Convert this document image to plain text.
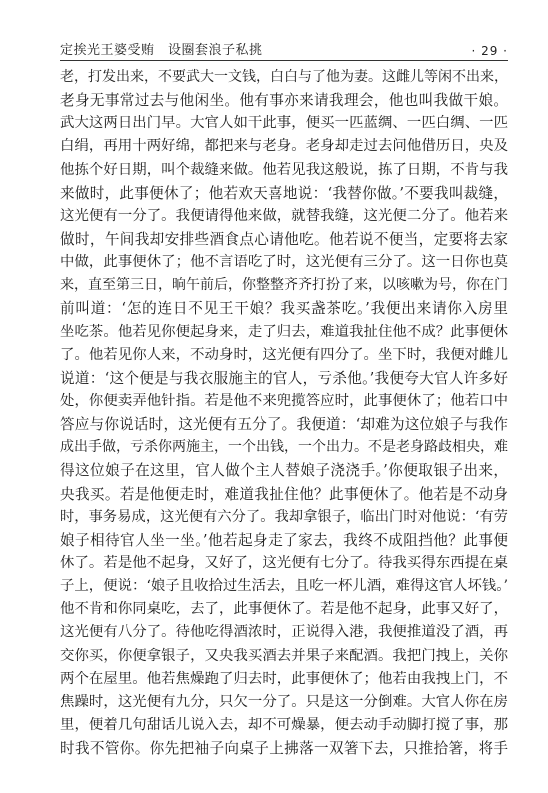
定挨光王婆受贿　设圈套浪子私挑	· 29 ·
老，打发出来，不要武大一文钱，白白与了他为妻。这雌儿等闲不出来，
老身无事常过去与他闲坐。他有事亦来请我理会，他也叫我做干娘。
武大这两日出门早。大官人如干此事，便买一匹蓝绸、一匹白绸、一匹
白绢，再用十两好绵，都把来与老身。老身却走过去问他借历日，央及
他拣个好日期，叫个裁缝来做。他若见我这般说，拣了日期，不肯与我
来做时，此事便休了；他若欢天喜地说：‘我替你做。’不要我叫裁缝，
这光便有一分了。我便请得他来做，就替我缝，这光便二分了。他若来
做时，午间我却安排些酒食点心请他吃。他若说不便当，定要将去家
中做，此事便休了；他不言语吃了时，这光便有三分了。这一日你也莫
来，直至第三日，晌午前后，你整整齐齐打扮了来，以咳嗽为号，你在门
前叫道：‘怎的连日不见王干娘？我买盏茶吃。’我便出来请你入房里
坐吃茶。他若见你便起身来，走了归去，难道我扯住他不成？此事便休
了。他若见你人来，不动身时，这光便有四分了。坐下时，我便对雌儿
说道：‘这个便是与我衣服施主的官人，亏杀他。’我便夸大官人许多好
处，你便卖弄他针指。若是他不来兜揽答应时，此事便休了；他若口中
答应与你说话时，这光便有五分了。我便道：‘却难为这位娘子与我作
成出手做，亏杀你两施主，一个出钱，一个出力。不是老身路歧相央，难
得这位娘子在这里，官人做个主人替娘子浇浇手。’你便取银子出来，
央我买。若是他便走时，难道我扯住他？此事便休了。他若是不动身
时，事务易成，这光便有六分了。我却拿银子，临出门时对他说：‘有劳
娘子相待官人坐一坐。’他若起身走了家去，我终不成阻挡他？此事便
休了。若是他不起身，又好了，这光便有七分了。待我买得东西提在桌
子上，便说：‘娘子且收拾过生活去，且吃一杯儿酒，难得这官人坏钱。’
他不肯和你同桌吃，去了，此事便休了。若是他不起身，此事又好了，
这光便有八分了。待他吃得酒浓时，正说得入港，我便推道没了酒，再
交你买，你便拿银子，又央我买酒去并果子来配酒。我把门拽上，关你
两个在屋里。他若焦燥跑了归去时，此事便休了；他若由我拽上门，不
焦躁时，这光便有九分，只欠一分了。只是这一分倒难。大官人你在房
里，便着几句甜话儿说入去，却不可燥暴，便去动手动脚打搅了事，那
时我不管你。你先把袖子向桌子上拂落一双箸下去，只推拾箸，将手
